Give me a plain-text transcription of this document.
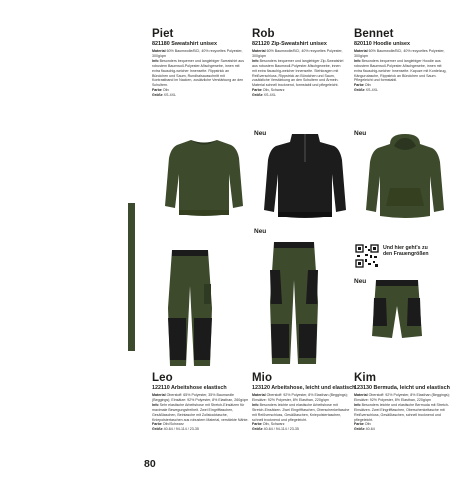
Piet
821180 Sweatshirt unisex
Material 60% Baumwolle/BCI, 40% recyceltes Polyester, 300g/qm
Info Besonders bequemer und langlebiger Sweatshirt aus robustem Baumwoll-Polyester-Mischgewebe, innen mit extra flauschig-weicher Innenseite. Rippstrick an Bündchen und Saum, Rundhalsausschnitt mit Kontrastband im Nacken, zusätzliche Verstärkung an den Schultern.
Farbe Oliv
Größe XS-4XL
Rob
821120 Zip-Sweatshirt unisex
Material 60% Baumwolle/BCI, 40% recyceltes Polyester, 300g/qm
Info Besonders bequemer und langlebiger Zip-Sweatshirt aus robustem Baumwoll-Polyester-Mischgewebe, innen mit extra flauschig-weicher Innenseite. Stehkragen mit Reißverschluss, Rippstrick an Bündchen und Saum, zusätzliche Verstärkung an den Schultern und Ärmeln. Material schnell trocknend, formstabil und pflegeleicht.
Farbe Oliv, Schwarz
Größe XS-4XL
Bennet
820110 Hoodie unisex
Material 60% Baumwolle/BCI, 40% recyceltes Polyester, 300g/qm
Info Besonders bequemer und langlebiger Hoodie aus robustem Baumwoll-Polyester-Mischgewebe, innen mit extra flauschig-weicher Innenseite. Kapuze mit Kordelzug, Kängurutasche, Rippstrick an Bündchen und Saum. Pflegeleicht und formstabil.
Farbe Oliv
Größe XS-4XL
Neu	Neu
Neu
Neu
Und hier geht's zu
den Frauengrößen
Leo
122110 Arbeitshose elastisch
Material Oberstoff: 65% Polyester, 35% Baumwolle (Beggings); Einsätze: 92% Polyester, 8% Elasthan, 260g/qm
Info Sehr elastische Arbeitshose mit Stretch-Einsätzen für maximale Bewegungsfreiheit. Zwei Eingrifftaschen, Gesäßtaschen, Beintasche mit Zollstocktasche, Kniepolstertaschen aus robustem Material, verstärkte Nähte.
Farbe Oliv/Schwarz
Größe 40-64 / 94-114 / 23-35
Mio
123120 Arbeitshose, leicht und elastisch
Material Oberstoff: 92% Polyester, 8% Elasthan (Beggings); Einsätze: 92% Polyester, 8% Elasthan, 220g/qm
Info Besonders leichte und elastische Arbeitshose mit Stretch-Einsätzen. Zwei Eingrifftaschen, Oberschenkeltasche mit Reißverschluss, Gesäßtaschen, Kniepolstertaschen, schnell trocknend und pflegeleicht.
Farbe Oliv, Schwarz
Größe 40-64 / 94-114 / 23-35
Kim
123130 Bermuda, leicht und elastisch
Material Oberstoff: 92% Polyester, 8% Elasthan (Beggings); Einsätze: 92% Polyester, 8% Elasthan, 220g/qm
Info Besonders leichte und elastische Bermuda mit Stretch-Einsätzen. Zwei Eingrifftaschen, Oberschenkeltasche mit Reißverschluss, Gesäßtaschen, schnell trocknend und pflegeleicht.
Farbe Oliv
Größe 40-64
80
